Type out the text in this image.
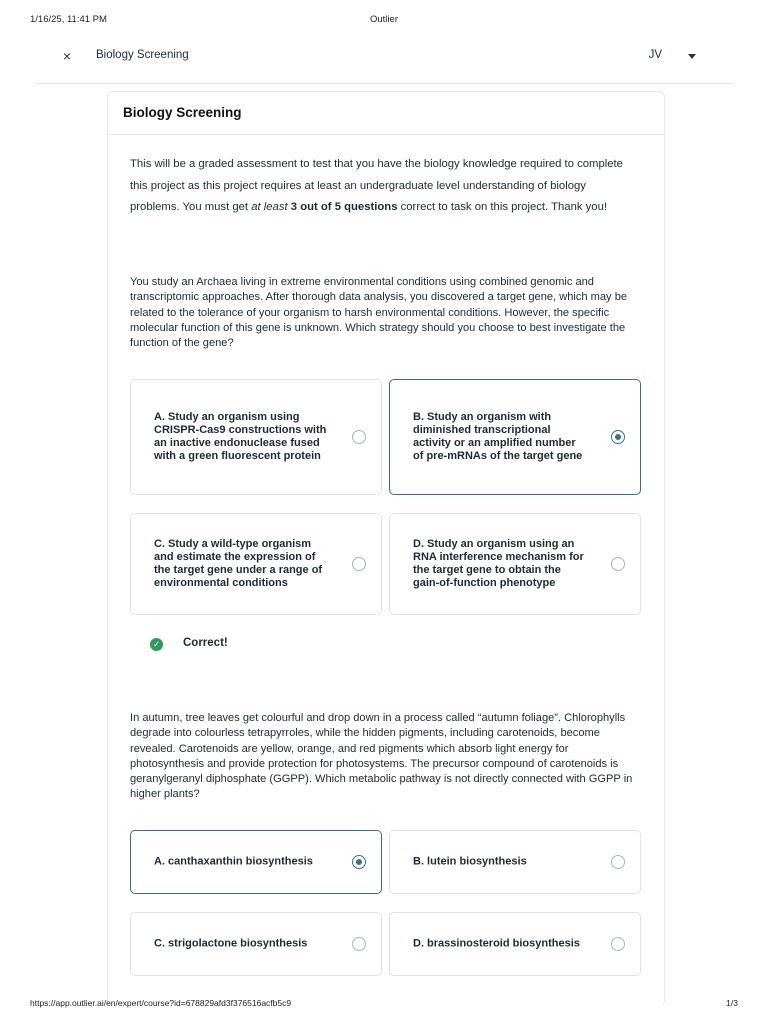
1/16/25, 11:41 PM	Outlier
× Biology Screening	JV
Biology Screening

This will be a graded assessment to test that you have the biology knowledge required to complete this project as this project requires at least an undergraduate level understanding of biology problems. You must get at least 3 out of 5 questions correct to task on this project. Thank you!

You study an Archaea living in extreme environmental conditions using combined genomic and transcriptomic approaches. After thorough data analysis, you discovered a target gene, which may be related to the tolerance of your organism to harsh environmental conditions. However, the specific molecular function of this gene is unknown. Which strategy should you choose to best investigate the function of the gene?

A. Study an organism using CRISPR-Cas9 constructions with an inactive endonuclease fused with a green fluorescent protein
B. Study an organism with diminished transcriptional activity or an amplified number of pre-mRNAs of the target gene
C. Study a wild-type organism and estimate the expression of the target gene under a range of environmental conditions
D. Study an organism using an RNA interference mechanism for the target gene to obtain the gain-of-function phenotype
✓ Correct!

In autumn, tree leaves get colourful and drop down in a process called “autumn foliage”. Chlorophylls degrade into colourless tetrapyrroles, while the hidden pigments, including carotenoids, become revealed. Carotenoids are yellow, orange, and red pigments which absorb light energy for photosynthesis and provide protection for photosystems. The precursor compound of carotenoids is geranylgeranyl diphosphate (GGPP). Which metabolic pathway is not directly connected with GGPP in higher plants?

A. canthaxanthin biosynthesis	B. lutein biosynthesis
C. strigolactone biosynthesis	D. brassinosteroid biosynthesis
https://app.outlier.ai/en/expert/course?id=678829afd3f376516acfb5c9	1/3
